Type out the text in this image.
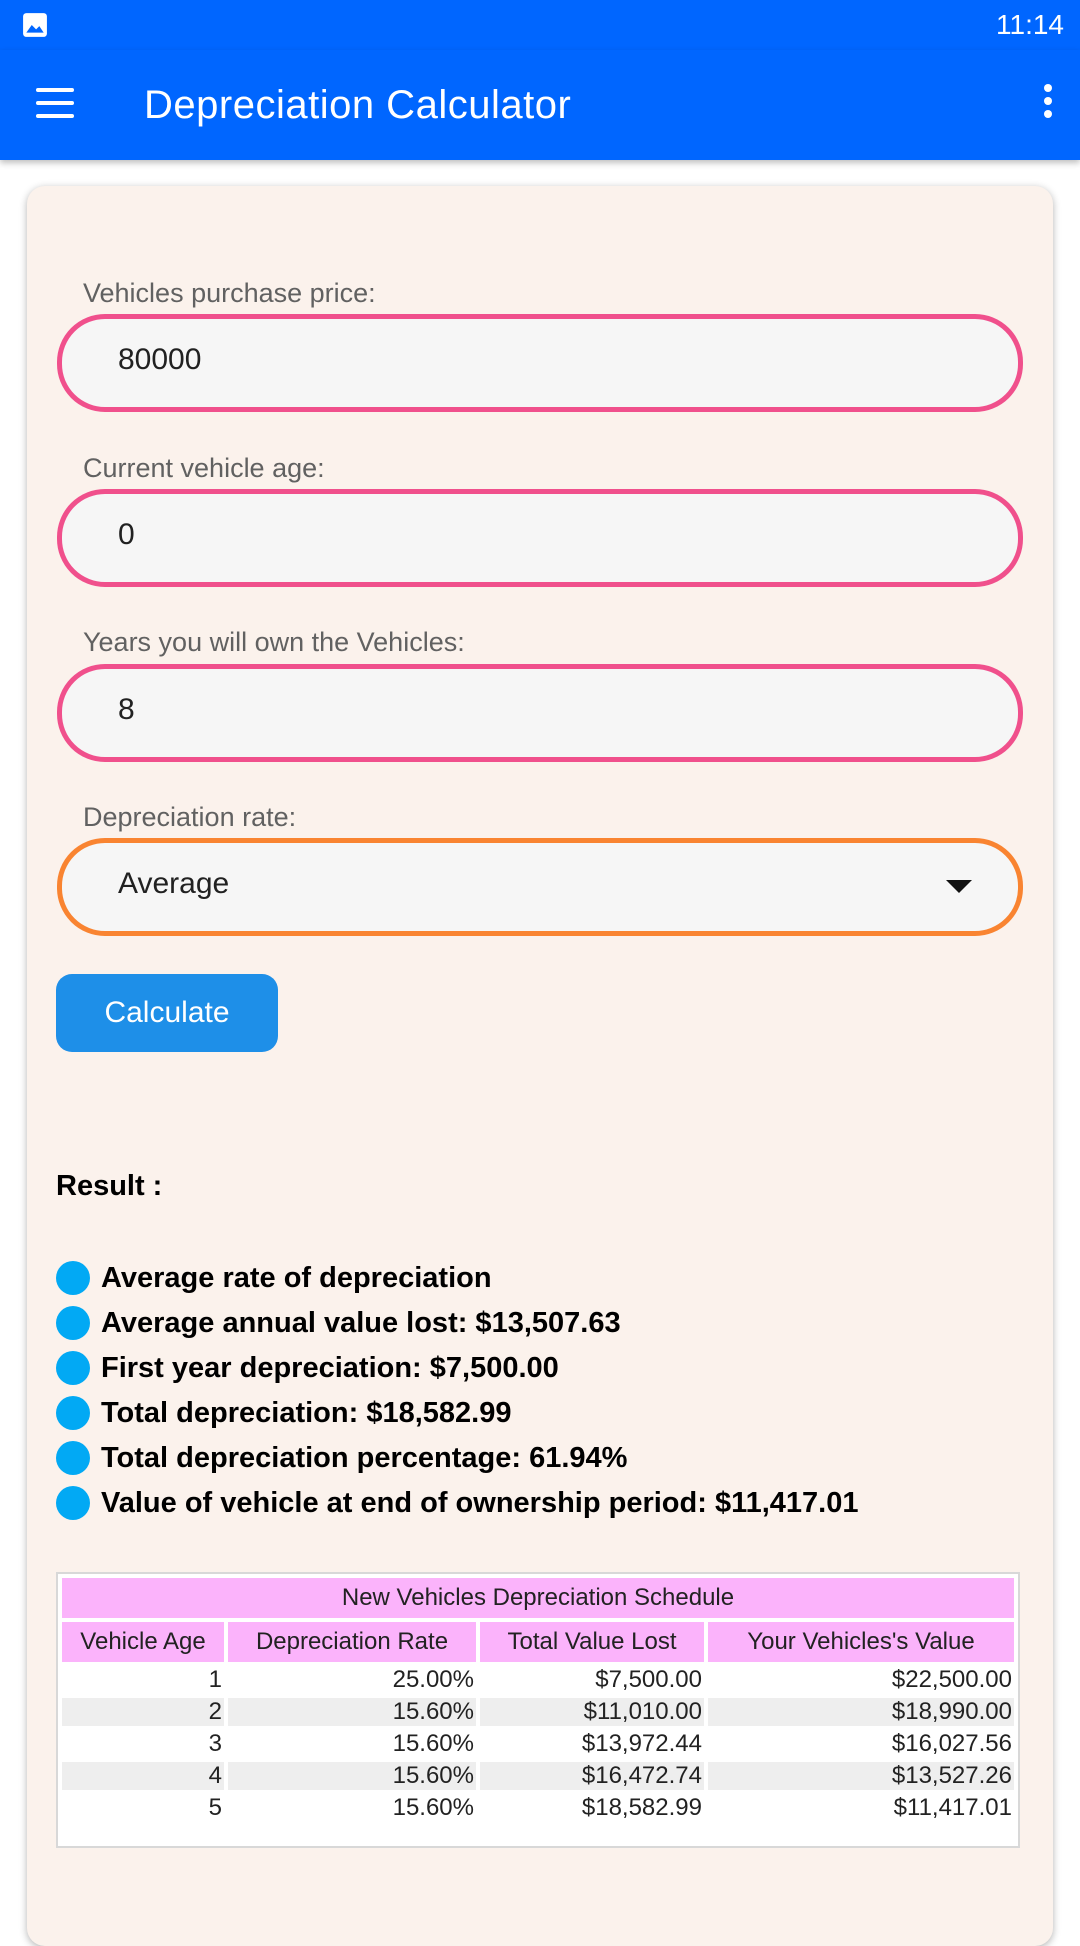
11:14
Depreciation Calculator
Vehicles purchase price:
80000
Current vehicle age:
0
Years you will own the Vehicles:
8
Depreciation rate:
Average
Calculate
Result :
Average rate of depreciation
Average annual value lost: $13,507.63
First year depreciation: $7,500.00
Total depreciation: $18,582.99
Total depreciation percentage: 61.94%
Value of vehicle at end of ownership period: $11,417.01
New Vehicles Depreciation Schedule			
Vehicle Age	Depreciation Rate	Total Value Lost	Your Vehicles's Value
1	25.00%	$7,500.00	$22,500.00
2	15.60%	$11,010.00	$18,990.00
3	15.60%	$13,972.44	$16,027.56
4	15.60%	$16,472.74	$13,527.26
5	15.60%	$18,582.99	$11,417.01
